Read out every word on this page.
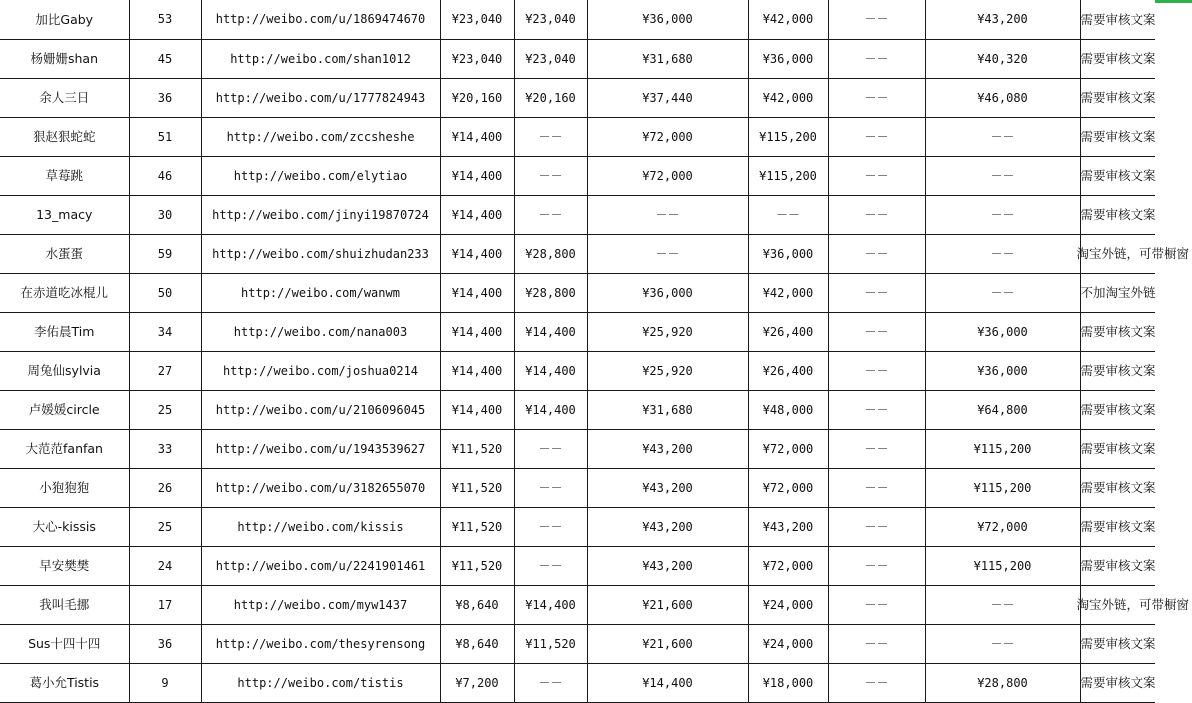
加比Gaby	53	http://weibo.com/u/1869474670	¥23,040	¥23,040	¥36,000	¥42,000	－－	¥43,200	需要审核文案
杨姗姗shan	45	http://weibo.com/shan1012	¥23,040	¥23,040	¥31,680	¥36,000	－－	¥40,320	需要审核文案
余人三日	36	http://weibo.com/u/1777824943	¥20,160	¥20,160	¥37,440	¥42,000	－－	¥46,080	需要审核文案
狠赵狠蛇蛇	51	http://weibo.com/zccsheshe	¥14,400	－－	¥72,000	¥115,200	－－	－－	需要审核文案
草莓跳	46	http://weibo.com/elytiao	¥14,400	－－	¥72,000	¥115,200	－－	－－	需要审核文案
13_macy	30	http://weibo.com/jinyi19870724	¥14,400	－－	－－	－－	－－	－－	需要审核文案
水蛋蛋	59	http://weibo.com/shuizhudan233	¥14,400	¥28,800	－－	¥36,000	－－	－－	淘宝外链，可带橱窗
在赤道吃冰棍儿	50	http://weibo.com/wanwm	¥14,400	¥28,800	¥36,000	¥42,000	－－	－－	不加淘宝外链
李佑晨Tim	34	http://weibo.com/nana003	¥14,400	¥14,400	¥25,920	¥26,400	－－	¥36,000	需要审核文案
周兔仙sylvia	27	http://weibo.com/joshua0214	¥14,400	¥14,400	¥25,920	¥26,400	－－	¥36,000	需要审核文案
卢媛媛circle	25	http://weibo.com/u/2106096045	¥14,400	¥14,400	¥31,680	¥48,000	－－	¥64,800	需要审核文案
大范范fanfan	33	http://weibo.com/u/1943539627	¥11,520	－－	¥43,200	¥72,000	－－	¥115,200	需要审核文案
小狍狍狍	26	http://weibo.com/u/3182655070	¥11,520	－－	¥43,200	¥72,000	－－	¥115,200	需要审核文案
大心-kissis	25	http://weibo.com/kissis	¥11,520	－－	¥43,200	¥43,200	－－	¥72,000	需要审核文案
早安樊樊	24	http://weibo.com/u/2241901461	¥11,520	－－	¥43,200	¥72,000	－－	¥115,200	需要审核文案
我叫毛挪	17	http://weibo.com/myw1437	¥8,640	¥14,400	¥21,600	¥24,000	－－	－－	淘宝外链，可带橱窗
Sus十四十四	36	http://weibo.com/thesyrensong	¥8,640	¥11,520	¥21,600	¥24,000	－－	－－	需要审核文案
葛小允Tistis	9	http://weibo.com/tistis	¥7,200	－－	¥14,400	¥18,000	－－	¥28,800	需要审核文案
